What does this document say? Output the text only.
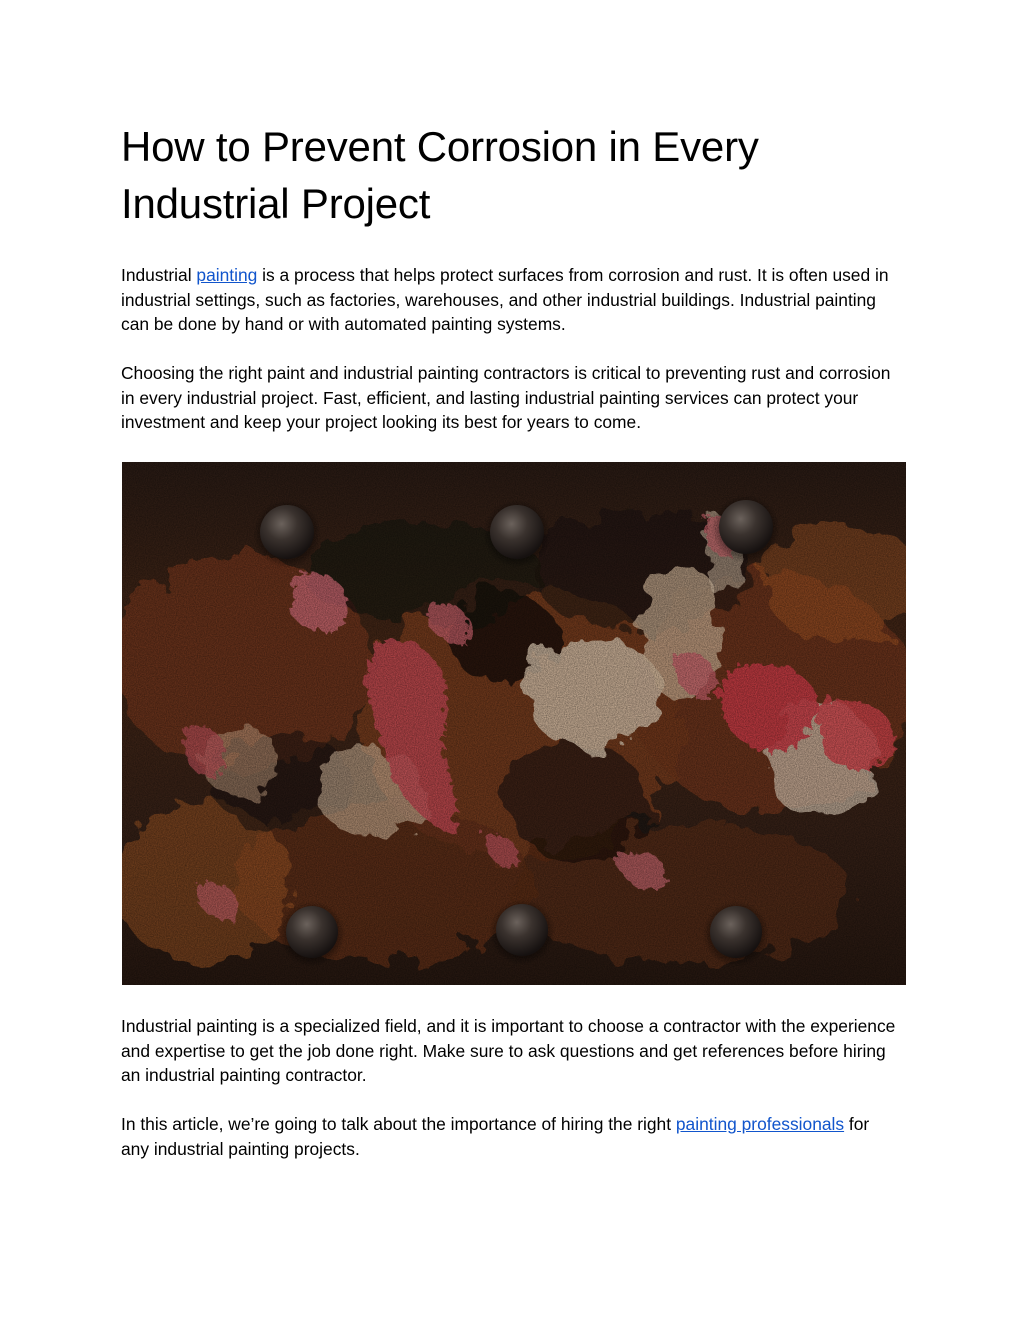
How to Prevent Corrosion in Every Industrial Project

Industrial painting is a process that helps protect surfaces from corrosion and rust. It is often used in industrial settings, such as factories, warehouses, and other industrial buildings. Industrial painting can be done by hand or with automated painting systems.

Choosing the right paint and industrial painting contractors is critical to preventing rust and corrosion in every industrial project. Fast, efficient, and lasting industrial painting services can protect your investment and keep your project looking its best for years to come.

Industrial painting is a specialized field, and it is important to choose a contractor with the experience and expertise to get the job done right. Make sure to ask questions and get references before hiring an industrial painting contractor.

In this article, we’re going to talk about the importance of hiring the right painting professionals for any industrial painting projects.
